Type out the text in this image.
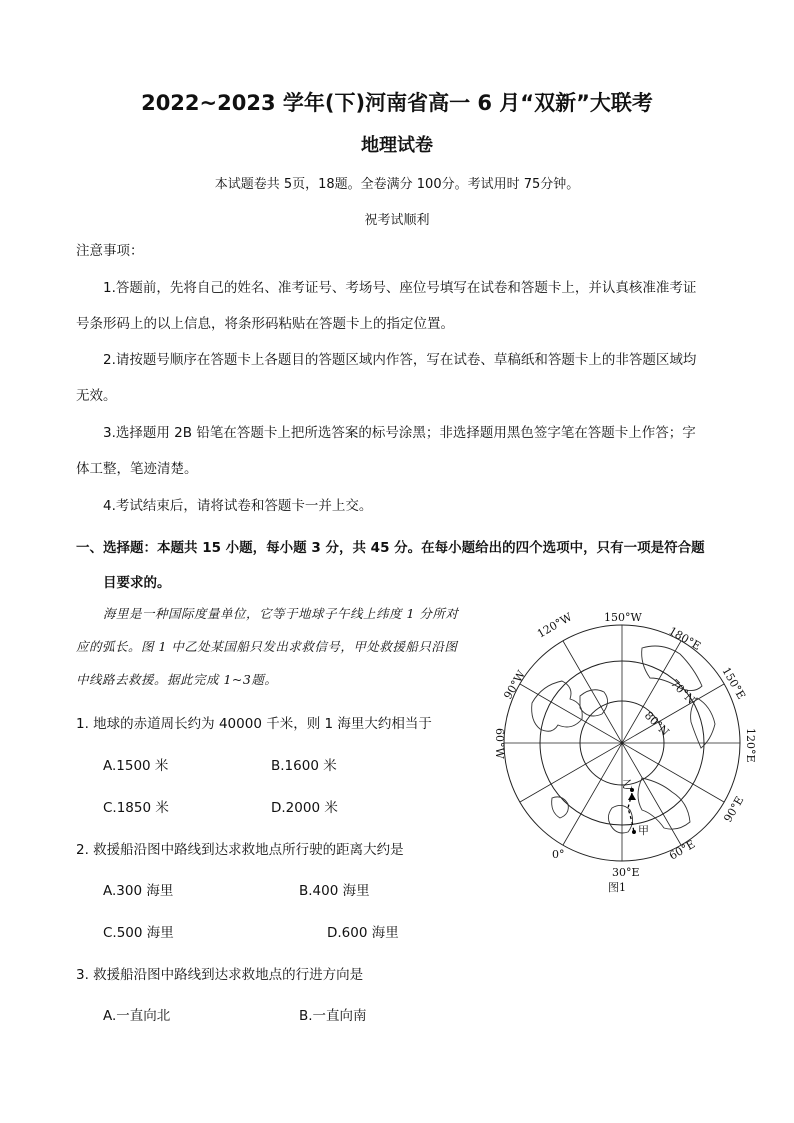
2022~2023 学年(下)河南省高一 6 月“双新”大联考
地理试卷
本试题卷共 5页，18题。全卷满分 100分。考试用时 75分钟。
祝考试顺利
注意事项：
1.答题前，先将自己的姓名、准考证号、考场号、座位号填写在试卷和答题卡上，并认真核准准考证
号条形码上的以上信息，将条形码粘贴在答题卡上的指定位置。
2.请按题号顺序在答题卡上各题目的答题区域内作答，写在试卷、草稿纸和答题卡上的非答题区域均
无效。
3.选择题用 2B 铅笔在答题卡上把所选答案的标号涂黑；非选择题用黑色签字笔在答题卡上作答；字
体工整，笔迹清楚。
4.考试结束后，请将试卷和答题卡一并上交。
一、选择题：本题共 15 小题，每小题 3 分，共 45 分。在每小题给出的四个选项中，只有一项是符合题
目要求的。
海里是一种国际度量单位，它等于地球子午线上纬度 1 分所对
应的弧长。图 1 中乙处某国船只发出求救信号，甲处救援船只沿图
中线路去救援。据此完成 1~3题。
1. 地球的赤道周长约为 40000 千米，则 1 海里大约相当于
A.1500 米	B.1600 米
C.1850 米	D.2000 米
2. 救援船沿图中路线到达求救地点所行驶的距离大约是
A.300 海里	B.400 海里
C.500 海里	D.600 海里
3. 救援船沿图中路线到达求救地点的行进方向是
A.一直向北	B.一直向南
150°W
180°E
120°W
150°E
90°W
120°E
60°W
90°E
0°	60°E
30°E
70°N
80°N
乙
甲
图1
